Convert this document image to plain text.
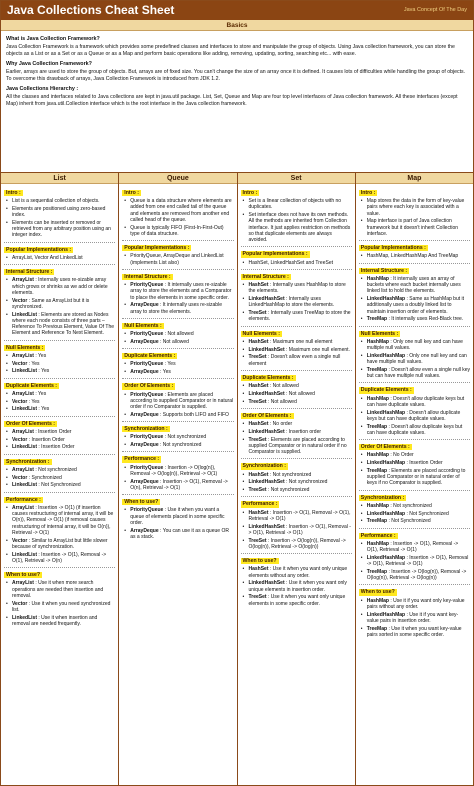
Java Collections Cheat Sheet	Java Concept Of The Day
Basics
What is Java Collection Framework?

Java Collection Framework is a framework which provides some predefined classes and interfaces to store and manipulate the group of objects. Using Java collection framework, you can store the objects as a List or as a Set or as a Queue or as a Map and perform basic operations like adding, removing, updating, sorting, searching etc... with ease.

Why Java Collection Framework?

Earlier, arrays are used to store the group of objects. But, arrays are of fixed size. You can't change the size of an array once it is defined. It causes lots of difficulties while handling the group of objects. To overcome this drawback of arrays, Java Collection Framework is introduced from JDK 1.2.

Java Collections Hierarchy :

All the classes and interfaces related to Java collections are kept in java.util package. List, Set, Queue and Map are four top level interfaces of Java collection framework. All these interfaces (except Map) inherit from java.util.Collection interface which is the root interface in the Java collection framework.

List
Intro :
• List is a sequential collection of objects.
• Elements are positioned using zero-based index.
• Elements can be inserted or removed or retrieved from any arbitrary position using an integer index.
Popular Implementations :
• ArrayList, Vector And LinkedList
Internal Structure :
• ArrayList : Internally uses re-sizable array which grows or shrinks as we add or delete elements.
• Vector : Same as ArrayList but it is synchronized.
• LinkedList : Elements are stored as Nodes where each node consists of three parts – Reference To Previous Element, Value Of The Element and Reference To Next Element.
Null Elements :
• ArrayList : Yes
• Vector : Yes
• LinkedList : Yes
Duplicate Elements :
• ArrayList : Yes
• Vector : Yes
• LinkedList : Yes
Order Of Elements :
• ArrayList : Insertion Order
• Vector : Insertion Order
• LinkedList : Insertion Order
Synchronization :
• ArrayList : Not synchronized
• Vector : Synchronized
• LinkedList : Not Synchronized
Performance :
• ArrayList : Insertion -> O(1) (if insertion causes restructuring of internal array, it will be O(n)), Removal -> O(1) (if removal causes restructuring of internal array, it will be O(n)), Retrieval -> O(1)
• Vector : Similar to ArrayList but little slower because of synchronization.
• LinkedList : Insertion -> O(1), Removal -> O(1), Retrieval -> O(n)
When to use?
• ArrayList : Use it when more search operations are needed then insertion and removal.
• Vector : Use it when you need synchronized list.
• LinkedList : Use it when insertion and removal are needed frequently.
Queue
Intro :
• Queue is a data structure where elements are added from one end called tail of the queue and elements are removed from another end called head of the queue.
• Queue is typically FIFO (First-In-First-Out) type of data structure.
Popular Implementations :
• PriorityQueue, ArrayDeque and LinkedList (implements List also)
Internal Structure :
• PriorityQueue : It internally uses re-sizable array to store the elements and a Comparator to place the elements in some specific order.
• ArrayDeque : It internally uses re-sizable array to store the elements.
Null Elements :
• PriorityQueue : Not allowed
• ArrayDeque : Not allowed
Duplicate Elements :
• PriorityQueue : Yes
• ArrayDeque : Yes
Order Of Elements :
• PriorityQueue : Elements are placed according to supplied Comparator or in natural order if no Comparator is supplied.
• ArrayDeque : Supports both LIFO and FIFO
Synchronization :
• PriorityQueue : Not synchronized
• ArrayDeque : Not synchronized
Performance :
• PriorityQueue : Insertion -> O(log(n)), Removal -> O(log(n)), Retrieval -> O(1)
• ArrayDeque : Insertion -> O(1), Removal -> O(n), Retrieval -> O(1)
When to use?
• PriorityQueue : Use it when you want a queue of elements placed in some specific order.
• ArrayDeque : You can use it as a queue OR as a stack.
Set
Intro :
• Set is a linear collection of objects with no duplicates.
• Set interface does not have its own methods. All the methods are inherited from Collection interface. It just applies restriction on methods so that duplicate elements are always avoided.
Popular Implementations :
• HashSet, LinkedHashSet and TreeSet
Internal Structure :
• HashSet : Internally uses HashMap to store the elements.
• LinkedHashSet : Internally uses LinkedHashMap to store the elements.
• TreeSet : Internally uses TreeMap to store the elements.
Null Elements :
• HashSet : Maximum one null element
• LinkedHashSet : Maximum one null element.
• TreeSet : Doesn't allow even a single null element
Duplicate Elements :
• HashSet : Not allowed
• LinkedHashSet : Not allowed
• TreeSet : Not allowed
Order Of Elements :
• HashSet : No order
• LinkedHashSet : Insertion order
• TreeSet : Elements are placed according to supplied Comparator or in natural order if no Comparator is supplied.
Synchronization :
• HashSet : Not synchronized
• LinkedHashSet : Not synchronized
• TreeSet : Not synchronized
Performance :
• HashSet : Insertion -> O(1), Removal -> O(1), Retrieval -> O(1)
• LinkedHashSet : Insertion -> O(1), Removal -> O(1), Retrieval -> O(1)
• TreeSet : Insertion -> O(log(n)), Removal -> O(log(n)), Retrieval -> O(log(n))
When to use?
• HashSet : Use it when you want only unique elements without any order.
• LinkedHashSet : Use it when you want only unique elements in insertion order.
• TreeSet : Use it when you want only unique elements in some specific order.
Map
Intro :
• Map stores the data in the form of key-value pairs where each key is associated with a value.
• Map interface is part of Java collection framework but it doesn't inherit Collection interface.
Popular Implementations :
• HashMap, LinkedHashMap And TreeMap
Internal Structure :
• HashMap : It internally uses an array of buckets where each bucket internally uses linked list to hold the elements.
• LinkedHashMap : Same as HashMap but it additionally uses a doubly linked list to maintain insertion order of elements.
• TreeMap : It internally uses Red-Black tree.
Null Elements :
• HashMap : Only one null key and can have multiple null values.
• LinkedHashMap : Only one null key and can have multiple null values.
• TreeMap : Doesn't allow even a single null key but can have multiple null values.
Duplicate Elements :
• HashMap : Doesn't allow duplicate keys but can have duplicate values.
• LinkedHashMap : Doesn't allow duplicate keys but can have duplicate values.
• TreeMap : Doesn't allow duplicate keys but can have duplicate values.
Order Of Elements :
• HashMap : No Order
• LinkedHashMap : Insertion Order
• TreeMap : Elements are placed according to supplied Comparator or in natural order of keys if no Comparator is supplied.
Synchronization :
• HashMap : Not synchronized
• LinkedHashMap : Not Synchronized
• TreeMap : Not Synchronized
Performance :
• HashMap : Insertion -> O(1), Removal -> O(1), Retrieval -> O(1)
• LinkedHashMap : Insertion -> O(1), Removal -> O(1), Retrieval -> O(1)
• TreeMap : Insertion -> O(log(n)), Removal -> O(log(n)), Retrieval -> O(log(n))
When to use?
• HashMap : Use it if you want only key-value pairs without any order.
• LinkedHashMap : Use it if you want key-value pairs in insertion order.
• TreeMap : Use it when you want key-value pairs sorted in some specific order.
